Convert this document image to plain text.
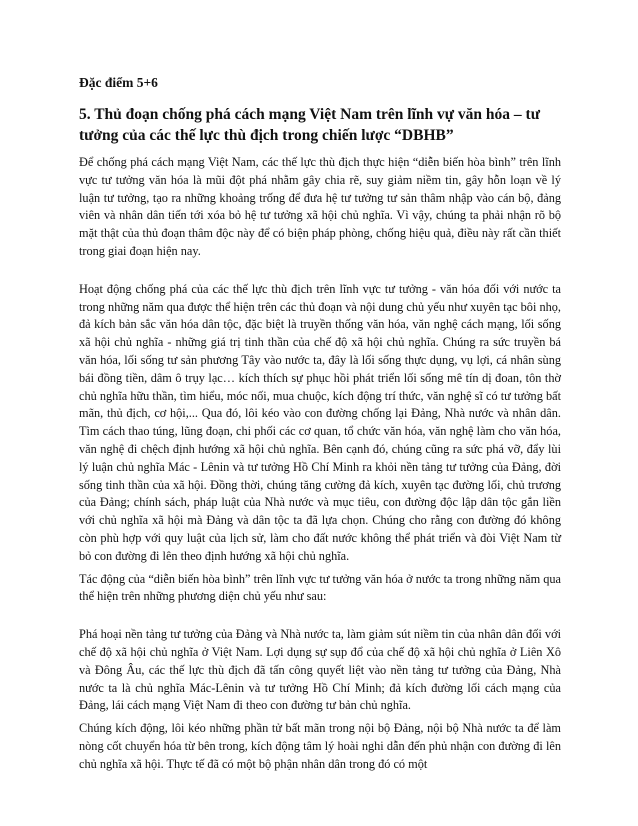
Đặc điểm 5+6
5. Thủ đoạn chống phá cách mạng Việt Nam trên lĩnh vự văn hóa – tư tưởng của các thế lực thù địch trong chiến lược “DBHB”

Để chống phá cách mạng Việt Nam, các thế lực thù địch thực hiện “diễn biến hòa bình” trên lĩnh vực tư tưởng văn hóa là mũi đột phá nhằm gây chia rẽ, suy giảm niềm tin, gây hỗn loạn về lý luận tư tưởng, tạo ra những khoảng trống để đưa hệ tư tưởng tư sản thâm nhập vào cán bộ, đảng viên và nhân dân tiến tới xóa bỏ hệ tư tưởng xã hội chủ nghĩa. Vì vậy, chúng ta phải nhận rõ bộ mặt thật của thủ đoạn thâm độc này để có biện pháp phòng, chống hiệu quả, điều này rất cần thiết trong giai đoạn hiện nay.

Hoạt động chống phá của các thế lực thù địch trên lĩnh vực tư tưởng - văn hóa đối với nước ta trong những năm qua được thể hiện trên các thủ đoạn và nội dung chủ yếu như xuyên tạc bôi nhọ, đả kích bản sắc văn hóa dân tộc, đặc biệt là truyền thống văn hóa, văn nghệ cách mạng, lối sống xã hội chủ nghĩa - những giá trị tinh thần của chế độ xã hội chủ nghĩa. Chúng ra sức truyền bá văn hóa, lối sống tư sản phương Tây vào nước ta, đây là lối sống thực dụng, vụ lợi, cá nhân sùng bái đồng tiền, dâm ô trụy lạc… kích thích sự phục hồi phát triển lối sống mê tín dị đoan, tôn thờ chủ nghĩa hữu thần, tìm hiểu, móc nối, mua chuộc, kích động trí thức, văn nghệ sĩ có tư tưởng bất mãn, thủ địch, cơ hội,... Qua đó, lôi kéo vào con đường chống lại Đảng, Nhà nước và nhân dân. Tìm cách thao túng, lũng đoạn, chi phối các cơ quan, tổ chức văn hóa, văn nghệ làm cho văn hóa, văn nghệ đi chệch định hướng xã hội chủ nghĩa. Bên cạnh đó, chúng cũng ra sức phá vỡ, đẩy lùi lý luận chủ nghĩa Mác - Lênin và tư tưởng Hồ Chí Minh ra khỏi nền tảng tư tưởng của Đảng, đời sống tinh thần của xã hội. Đồng thời, chúng tăng cường đả kích, xuyên tạc đường lối, chủ trương của Đảng; chính sách, pháp luật của Nhà nước và mục tiêu, con đường độc lập dân tộc gắn liền với chủ nghĩa xã hội mà Đảng và dân tộc ta đã lựa chọn. Chúng cho rằng con đường đó không còn phù hợp với quy luật của lịch sử, làm cho đất nước không thể phát triển và đòi Việt Nam từ bỏ con đường đi lên theo định hướng xã hội chủ nghĩa.

Tác động của “diễn biến hòa bình” trên lĩnh vực tư tưởng văn hóa ở nước ta trong những năm qua thể hiện trên những phương diện chủ yếu như sau:

Phá hoại nền tảng tư tưởng của Đảng và Nhà nước ta, làm giảm sút niềm tin của nhân dân đối với chế độ xã hội chủ nghĩa ở Việt Nam. Lợi dụng sự sụp đổ của chế độ xã hội chủ nghĩa ở Liên Xô và Đông Âu, các thế lực thù địch đã tấn công quyết liệt vào nền tảng tư tưởng của Đảng, Nhà nước ta là chủ nghĩa Mác-Lênin và tư tưởng Hồ Chí Minh; đả kích đường lối cách mạng của Đảng, lái cách mạng Việt Nam đi theo con đường tư bản chủ nghĩa.

Chúng kích động, lôi kéo những phần tử bất mãn trong nội bộ Đảng, nội bộ Nhà nước ta để làm nòng cốt chuyển hóa từ bên trong, kích động tâm lý hoài nghi dẫn đến phủ nhận con đường đi lên chủ nghĩa xã hội. Thực tế đã có một bộ phận nhân dân trong đó có một
